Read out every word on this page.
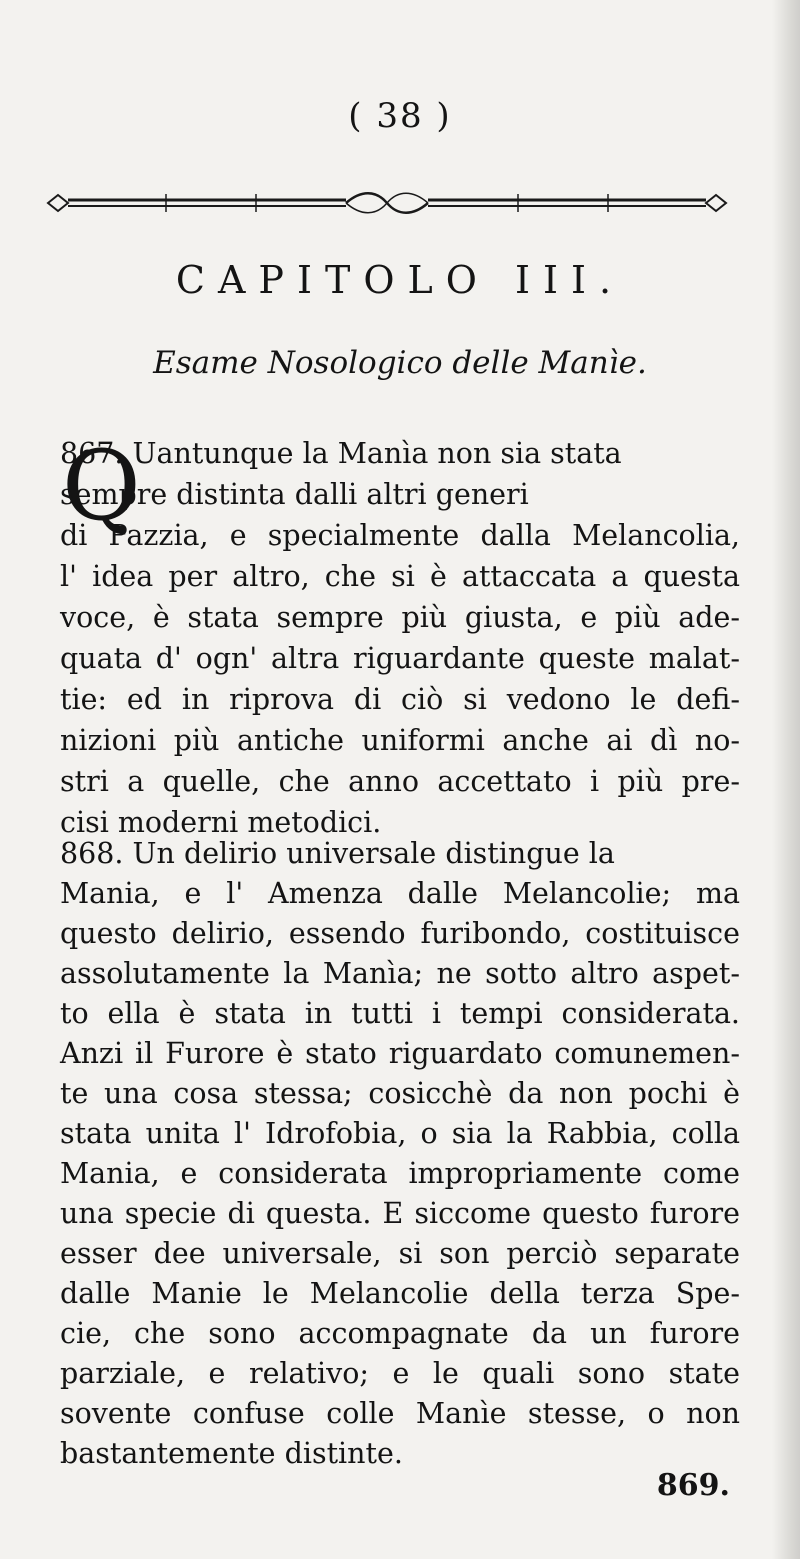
( 38 )
CAPITOLO III.
Esame Nosologico delle Manìe.
Q
867. Uantunque la Manìa non sia stata
sempre distinta dalli altri generi
di Pazzia, e specialmente dalla Melancolia,
l' idea per altro, che si è attaccata a questa
voce, è stata sempre più giusta, e più ade-
quata d' ogn' altra riguardante queste malat-
tie: ed in riprova di ciò si vedono le defi-
nizioni più antiche uniformi anche ai dì no-
stri a quelle, che anno accettato i più pre-
cisi moderni metodici.
868. Un delirio universale distingue la
Mania, e l' Amenza dalle Melancolie; ma
questo delirio, essendo furibondo, costituisce
assolutamente la Manìa; ne sotto altro aspet-
to ella è stata in tutti i tempi considerata.
Anzi il Furore è stato riguardato comunemen-
te una cosa stessa; cosicchè da non pochi è
stata unita l' Idrofobia, o sia la Rabbia, colla
Mania, e considerata impropriamente come
una specie di questa. E siccome questo furore
esser dee universale, si son perciò separate
dalle Manie le Melancolie della terza Spe-
cie, che sono accompagnate da un furore
parziale, e relativo; e le quali sono state
sovente confuse colle Manìe stesse, o non
bastantemente distinte.
869.
